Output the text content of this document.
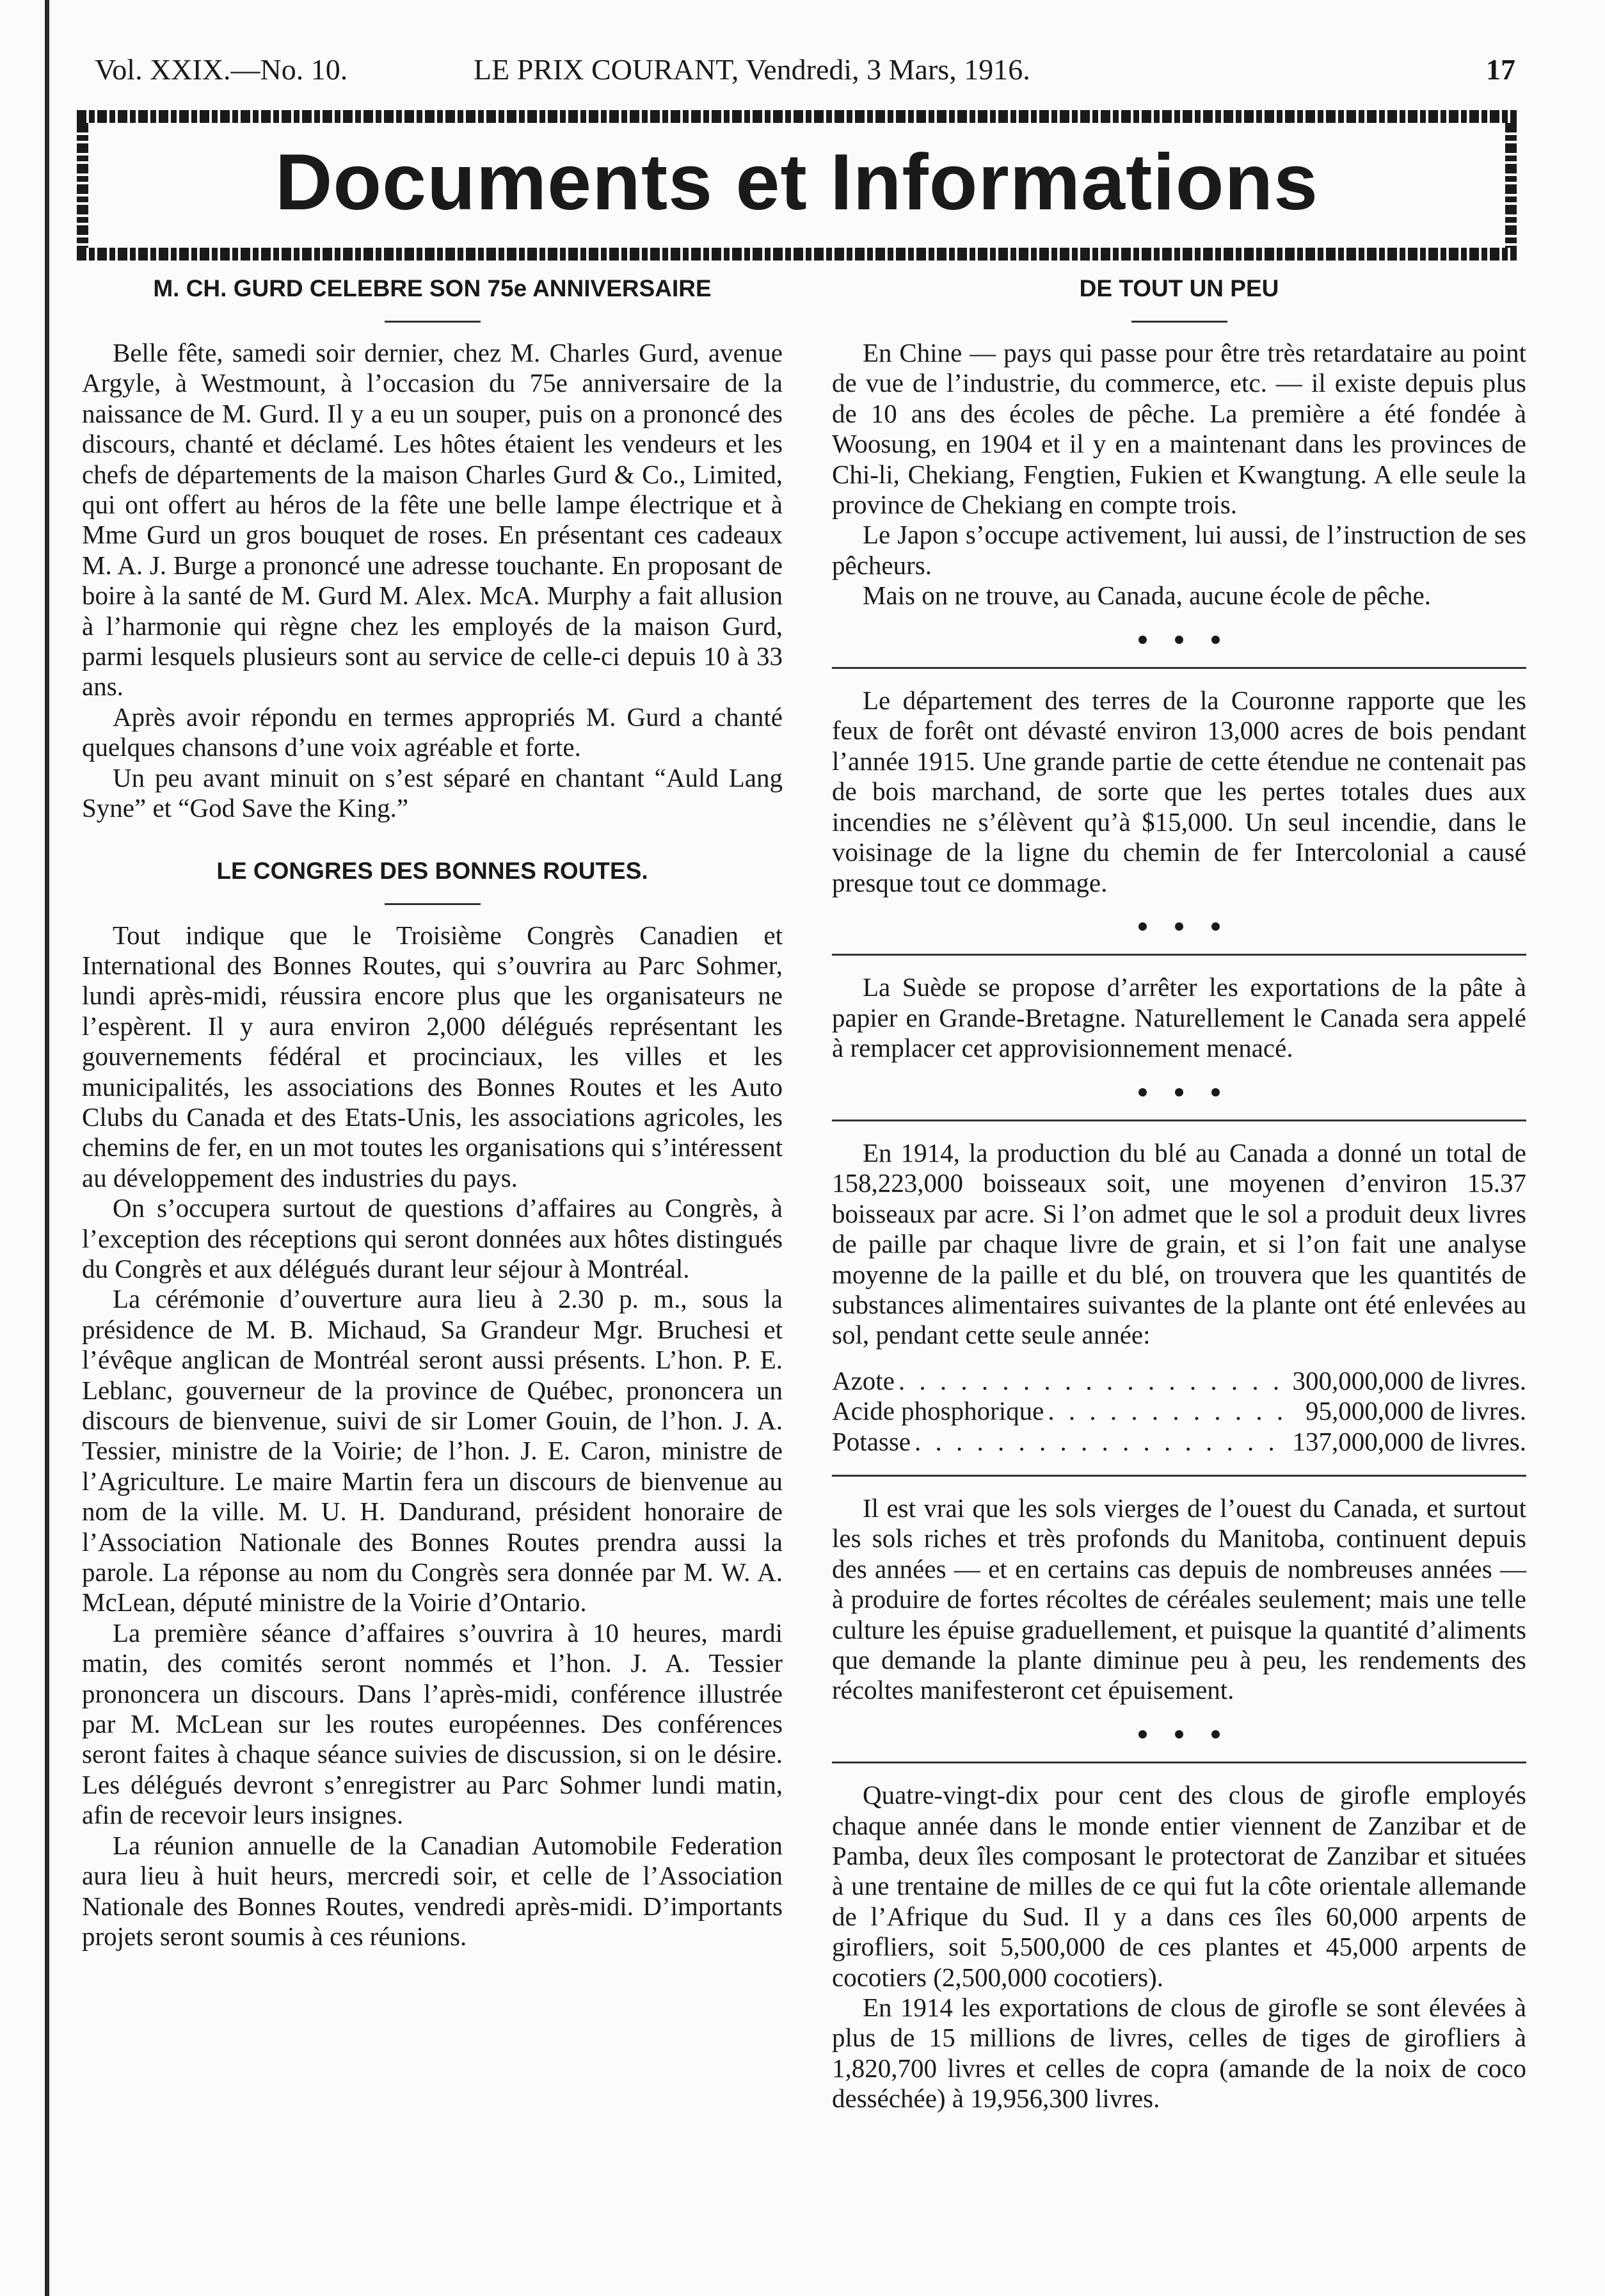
Vol. XXIX.—No. 10.	LE PRIX COURANT, Vendredi, 3 Mars, 1916.	17
Documents et Informations
M. CH. GURD CELEBRE SON 75e ANNIVERSAIRE

Belle fête, samedi soir dernier, chez M. Charles Gurd, avenue Argyle, à Westmount, à l’occasion du 75e anniversaire de la naissance de M. Gurd. Il y a eu un souper, puis on a prononcé des discours, chanté et déclamé. Les hôtes étaient les vendeurs et les chefs de départements de la maison Charles Gurd & Co., Limited, qui ont offert au héros de la fête une belle lampe électrique et à Mme Gurd un gros bouquet de roses. En présentant ces cadeaux M. A. J. Burge a prononcé une adresse touchante. En proposant de boire à la santé de M. Gurd M. Alex. McA. Murphy a fait allusion à l’harmonie qui règne chez les employés de la maison Gurd, parmi lesquels plusieurs sont au service de celle-ci depuis 10 à 33 ans.

Après avoir répondu en termes appropriés M. Gurd a chanté quelques chansons d’une voix agréable et forte.

Un peu avant minuit on s’est séparé en chantant “Auld Lang Syne” et “God Save the King.”

LE CONGRES DES BONNES ROUTES.

Tout indique que le Troisième Congrès Canadien et International des Bonnes Routes, qui s’ouvrira au Parc Sohmer, lundi après-midi, réussira encore plus que les organisateurs ne l’espèrent. Il y aura environ 2,000 délégués représentant les gouvernements fédéral et procinciaux, les villes et les municipalités, les associations des Bonnes Routes et les Auto Clubs du Canada et des Etats-Unis, les associations agricoles, les chemins de fer, en un mot toutes les organisations qui s’intéressent au développement des industries du pays.

On s’occupera surtout de questions d’affaires au Congrès, à l’exception des réceptions qui seront données aux hôtes distingués du Congrès et aux délégués durant leur séjour à Montréal.

La cérémonie d’ouverture aura lieu à 2.30 p. m., sous la présidence de M. B. Michaud, Sa Grandeur Mgr. Bruchesi et l’évêque anglican de Montréal seront aussi présents. L’hon. P. E. Leblanc, gouverneur de la province de Québec, prononcera un discours de bienvenue, suivi de sir Lomer Gouin, de l’hon. J. A. Tessier, ministre de la Voirie; de l’hon. J. E. Caron, ministre de l’Agriculture. Le maire Martin fera un discours de bienvenue au nom de la ville. M. U. H. Dandurand, président honoraire de l’Association Nationale des Bonnes Routes prendra aussi la parole. La réponse au nom du Congrès sera donnée par M. W. A. McLean, député ministre de la Voirie d’Ontario.

La première séance d’affaires s’ouvrira à 10 heures, mardi matin, des comités seront nommés et l’hon. J. A. Tessier prononcera un discours. Dans l’après-midi, conférence illustrée par M. McLean sur les routes européennes. Des conférences seront faites à chaque séance suivies de discussion, si on le désire. Les délégués devront s’enregistrer au Parc Sohmer lundi matin, afin de recevoir leurs insignes.

La réunion annuelle de la Canadian Automobile Federation aura lieu à huit heurs, mercredi soir, et celle de l’Association Nationale des Bonnes Routes, vendredi après-midi. D’importants projets seront soumis à ces réunions.

DE TOUT UN PEU

En Chine — pays qui passe pour être très retardataire au point de vue de l’industrie, du commerce, etc. — il existe depuis plus de 10 ans des écoles de pêche. La première a été fondée à Woosung, en 1904 et il y en a maintenant dans les provinces de Chi-li, Chekiang, Fengtien, Fukien et Kwangtung. A elle seule la province de Chekiang en compte trois.

Le Japon s’occupe activement, lui aussi, de l’instruction de ses pêcheurs.

Mais on ne trouve, au Canada, aucune école de pêche.

Le département des terres de la Couronne rapporte que les feux de forêt ont dévasté environ 13,000 acres de bois pendant l’année 1915. Une grande partie de cette étendue ne contenait pas de bois marchand, de sorte que les pertes totales dues aux incendies ne s’élèvent qu’à $15,000. Un seul incendie, dans le voisinage de la ligne du chemin de fer Intercolonial a causé presque tout ce dommage.

La Suède se propose d’arrêter les exportations de la pâte à papier en Grande-Bretagne. Naturellement le Canada sera appelé à remplacer cet approvisionnement menacé.

En 1914, la production du blé au Canada a donné un total de 158,223,000 boisseaux soit, une moyenen d’environ 15.37 boisseaux par acre. Si l’on admet que le sol a produit deux livres de paille par chaque livre de grain, et si l’on fait une analyse moyenne de la paille et du blé, on trouvera que les quantités de substances alimentaires suivantes de la plante ont été enlevées au sol, pendant cette seule année:

Azote . . .	300,000,000 de livres.
Acide phosphorique . . .	95,000,000 de livres.
Potasse . . .	137,000,000 de livres.

Il est vrai que les sols vierges de l’ouest du Canada, et surtout les sols riches et très profonds du Manitoba, continuent depuis des années — et en certains cas depuis de nombreuses années — à produire de fortes récoltes de céréales seulement; mais une telle culture les épuise graduellement, et puisque la quantité d’aliments que demande la plante diminue peu à peu, les rendements des récoltes manifesteront cet épuisement.

Quatre-vingt-dix pour cent des clous de girofle employés chaque année dans le monde entier viennent de Zanzibar et de Pamba, deux îles composant le protectorat de Zanzibar et situées à une trentaine de milles de ce qui fut la côte orientale allemande de l’Afrique du Sud. Il y a dans ces îles 60,000 arpents de girofliers, soit 5,500,000 de ces plantes et 45,000 arpents de cocotiers (2,500,000 cocotiers).

En 1914 les exportations de clous de girofle se sont élevées à plus de 15 millions de livres, celles de tiges de girofliers à 1,820,700 livres et celles de copra (amande de la noix de coco desséchée) à 19,956,300 livres.
